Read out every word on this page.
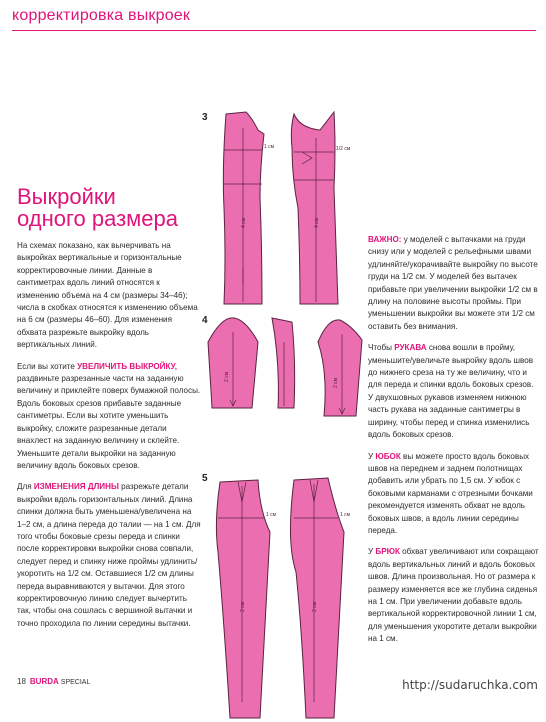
корректировка выкроек
3
4
5
4 см	4 см
1 см	1/2 см
2 см
2 см
1 см	1 см
2 см	2 см
Выкройки
одного размера

На схемах показано, как вычерчивать на выкройках вертикальные и горизонтальные корректировочные линии. Данные в сантиметрах вдоль линий относятся к изменению объема на 4 см (размеры 34–46); числа в скобках относятся к изменению объема на 6 см (размеры 46–60). Для изменения обхвата разрежьте выкройку вдоль вертикальных линий.

Если вы хотите УВЕЛИЧИТЬ ВЫКРОЙКУ, раздвиньте разрезанные части на заданную величину и приклейте поверх бумажной полосы. Вдоль боковых срезов прибавьте заданные сантиметры. Если вы хотите уменьшить выкройку, сложите разрезанные детали внахлест на заданную величину и склейте. Уменьшите детали выкройки на заданную величину вдоль боковых срезов.

Для ИЗМЕНЕНИЯ ДЛИНЫ разрежьте детали выкройки вдоль горизонтальных линий. Длина спинки должна быть уменьшена/увеличена на 1–2 см, а длина переда до талии — на 1 см. Для того чтобы боковые срезы переда и спинки после корректировки выкройки снова совпали, следует перед и спинку ниже проймы удлинить/укоротить на 1/2 см. Оставшиеся 1/2 см длины переда выравниваются у вытачки. Для этого корректировочную линию следует вычертить так, чтобы она сошлась с вершиной вытачки и точно проходила по линии середины вытачки.

ВАЖНО: у моделей с вытачками на груди снизу или у моделей с рельефными швами удлиняйте/укорачивайте выкройку по высоте груди на 1/2 см. У моделей без вытачек прибавьте при увеличении выкройки 1/2 см в длину на половине высоты проймы. При уменьшении выкройки вы можете эти 1/2 см оставить без внимания.

Чтобы РУКАВА снова вошли в пройму, уменьшите/увеличьте выкройку вдоль швов до нижнего среза на ту же величину, что и для переда и спинки вдоль боковых срезов. У двухшовных рукавов изменяем нижнюю часть рукава на заданные сантиметры в ширину, чтобы перед и спинка изменились вдоль боковых срезов.

У ЮБОК вы можете просто вдоль боковых швов на переднем и заднем полотнищах добавить или убрать по 1,5 см. У юбок с боковыми карманами с отрезными бочками рекомендуется изменять обхват не вдоль боковых швов, а вдоль линии середины переда.

У БРЮК обхват увеличивают или сокращают вдоль вертикальных линий и вдоль боковых швов. Длина произвольная. Но от размера к размеру изменяется все же глубина сиденья на 1 см. При увеличении добавьте вдоль вертикальной корректировочной линии 1 см, для уменьшения укоротите детали выкройки на 1 см.

18 BURDA SPECIAL	http://sudaruchka.com
